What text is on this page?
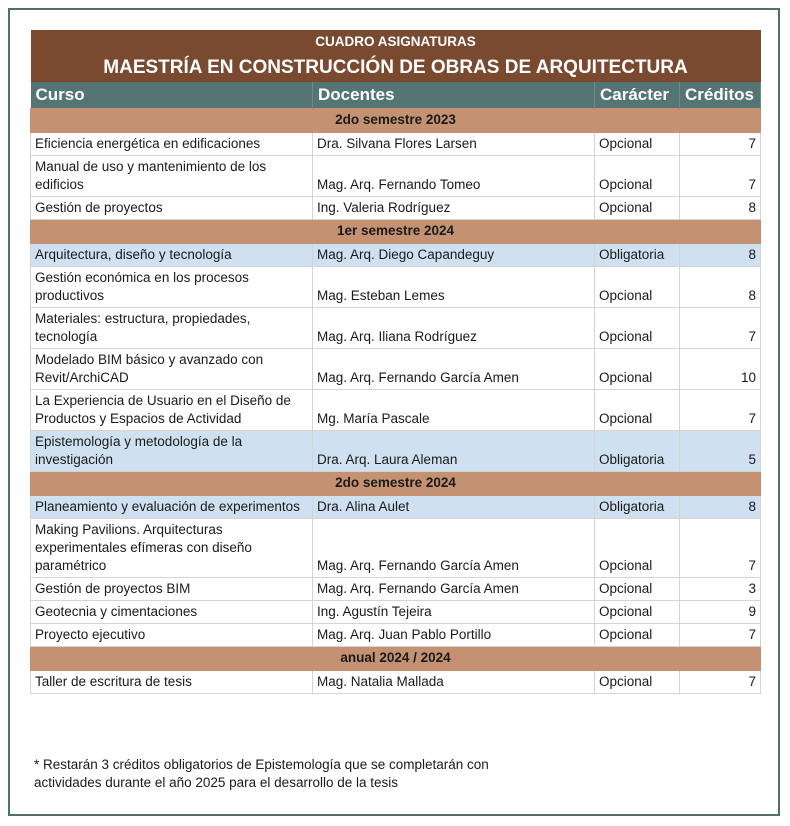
CUADRO ASIGNATURAS			
MAESTRÍA EN CONSTRUCCIÓN DE OBRAS DE ARQUITECTURA			
Curso	Docentes	Carácter	Créditos
2do semestre 2023			
Eficiencia energética en edificaciones	Dra. Silvana Flores Larsen	Opcional	7
Manual de uso y mantenimiento de los edificios	Mag. Arq. Fernando Tomeo	Opcional	7
Gestión de proyectos	Ing. Valeria Rodríguez	Opcional	8
1er semestre 2024			
Arquitectura, diseño y tecnología	Mag. Arq. Diego Capandeguy	Obligatoria	8
Gestión económica en los procesos productivos	Mag. Esteban Lemes	Opcional	8
Materiales: estructura, propiedades, tecnología	Mag. Arq. Iliana Rodríguez	Opcional	7
Modelado BIM básico y avanzado con Revit/ArchiCAD	Mag. Arq. Fernando García Amen	Opcional	10
La Experiencia de Usuario en el Diseño de Productos y Espacios de Actividad	Mg. María Pascale	Opcional	7
Epistemología y metodología de la investigación	Dra. Arq. Laura Aleman	Obligatoria	5
2do semestre 2024			
Planeamiento y evaluación de experimentos	Dra. Alina Aulet	Obligatoria	8
Making Pavilions. Arquitecturas experimentales efímeras con diseño paramétrico	Mag. Arq. Fernando García Amen	Opcional	7
Gestión de proyectos BIM	Mag. Arq. Fernando García Amen	Opcional	3
Geotecnia y cimentaciones	Ing. Agustín Tejeira	Opcional	9
Proyecto ejecutivo	Mag. Arq. Juan Pablo Portillo	Opcional	7
anual 2024 / 2024			
Taller de escritura de tesis	Mag. Natalia Mallada	Opcional	7
* Restarán 3 créditos obligatorios de Epistemología que se completarán con actividades durante el año 2025 para el desarrollo de la tesis
